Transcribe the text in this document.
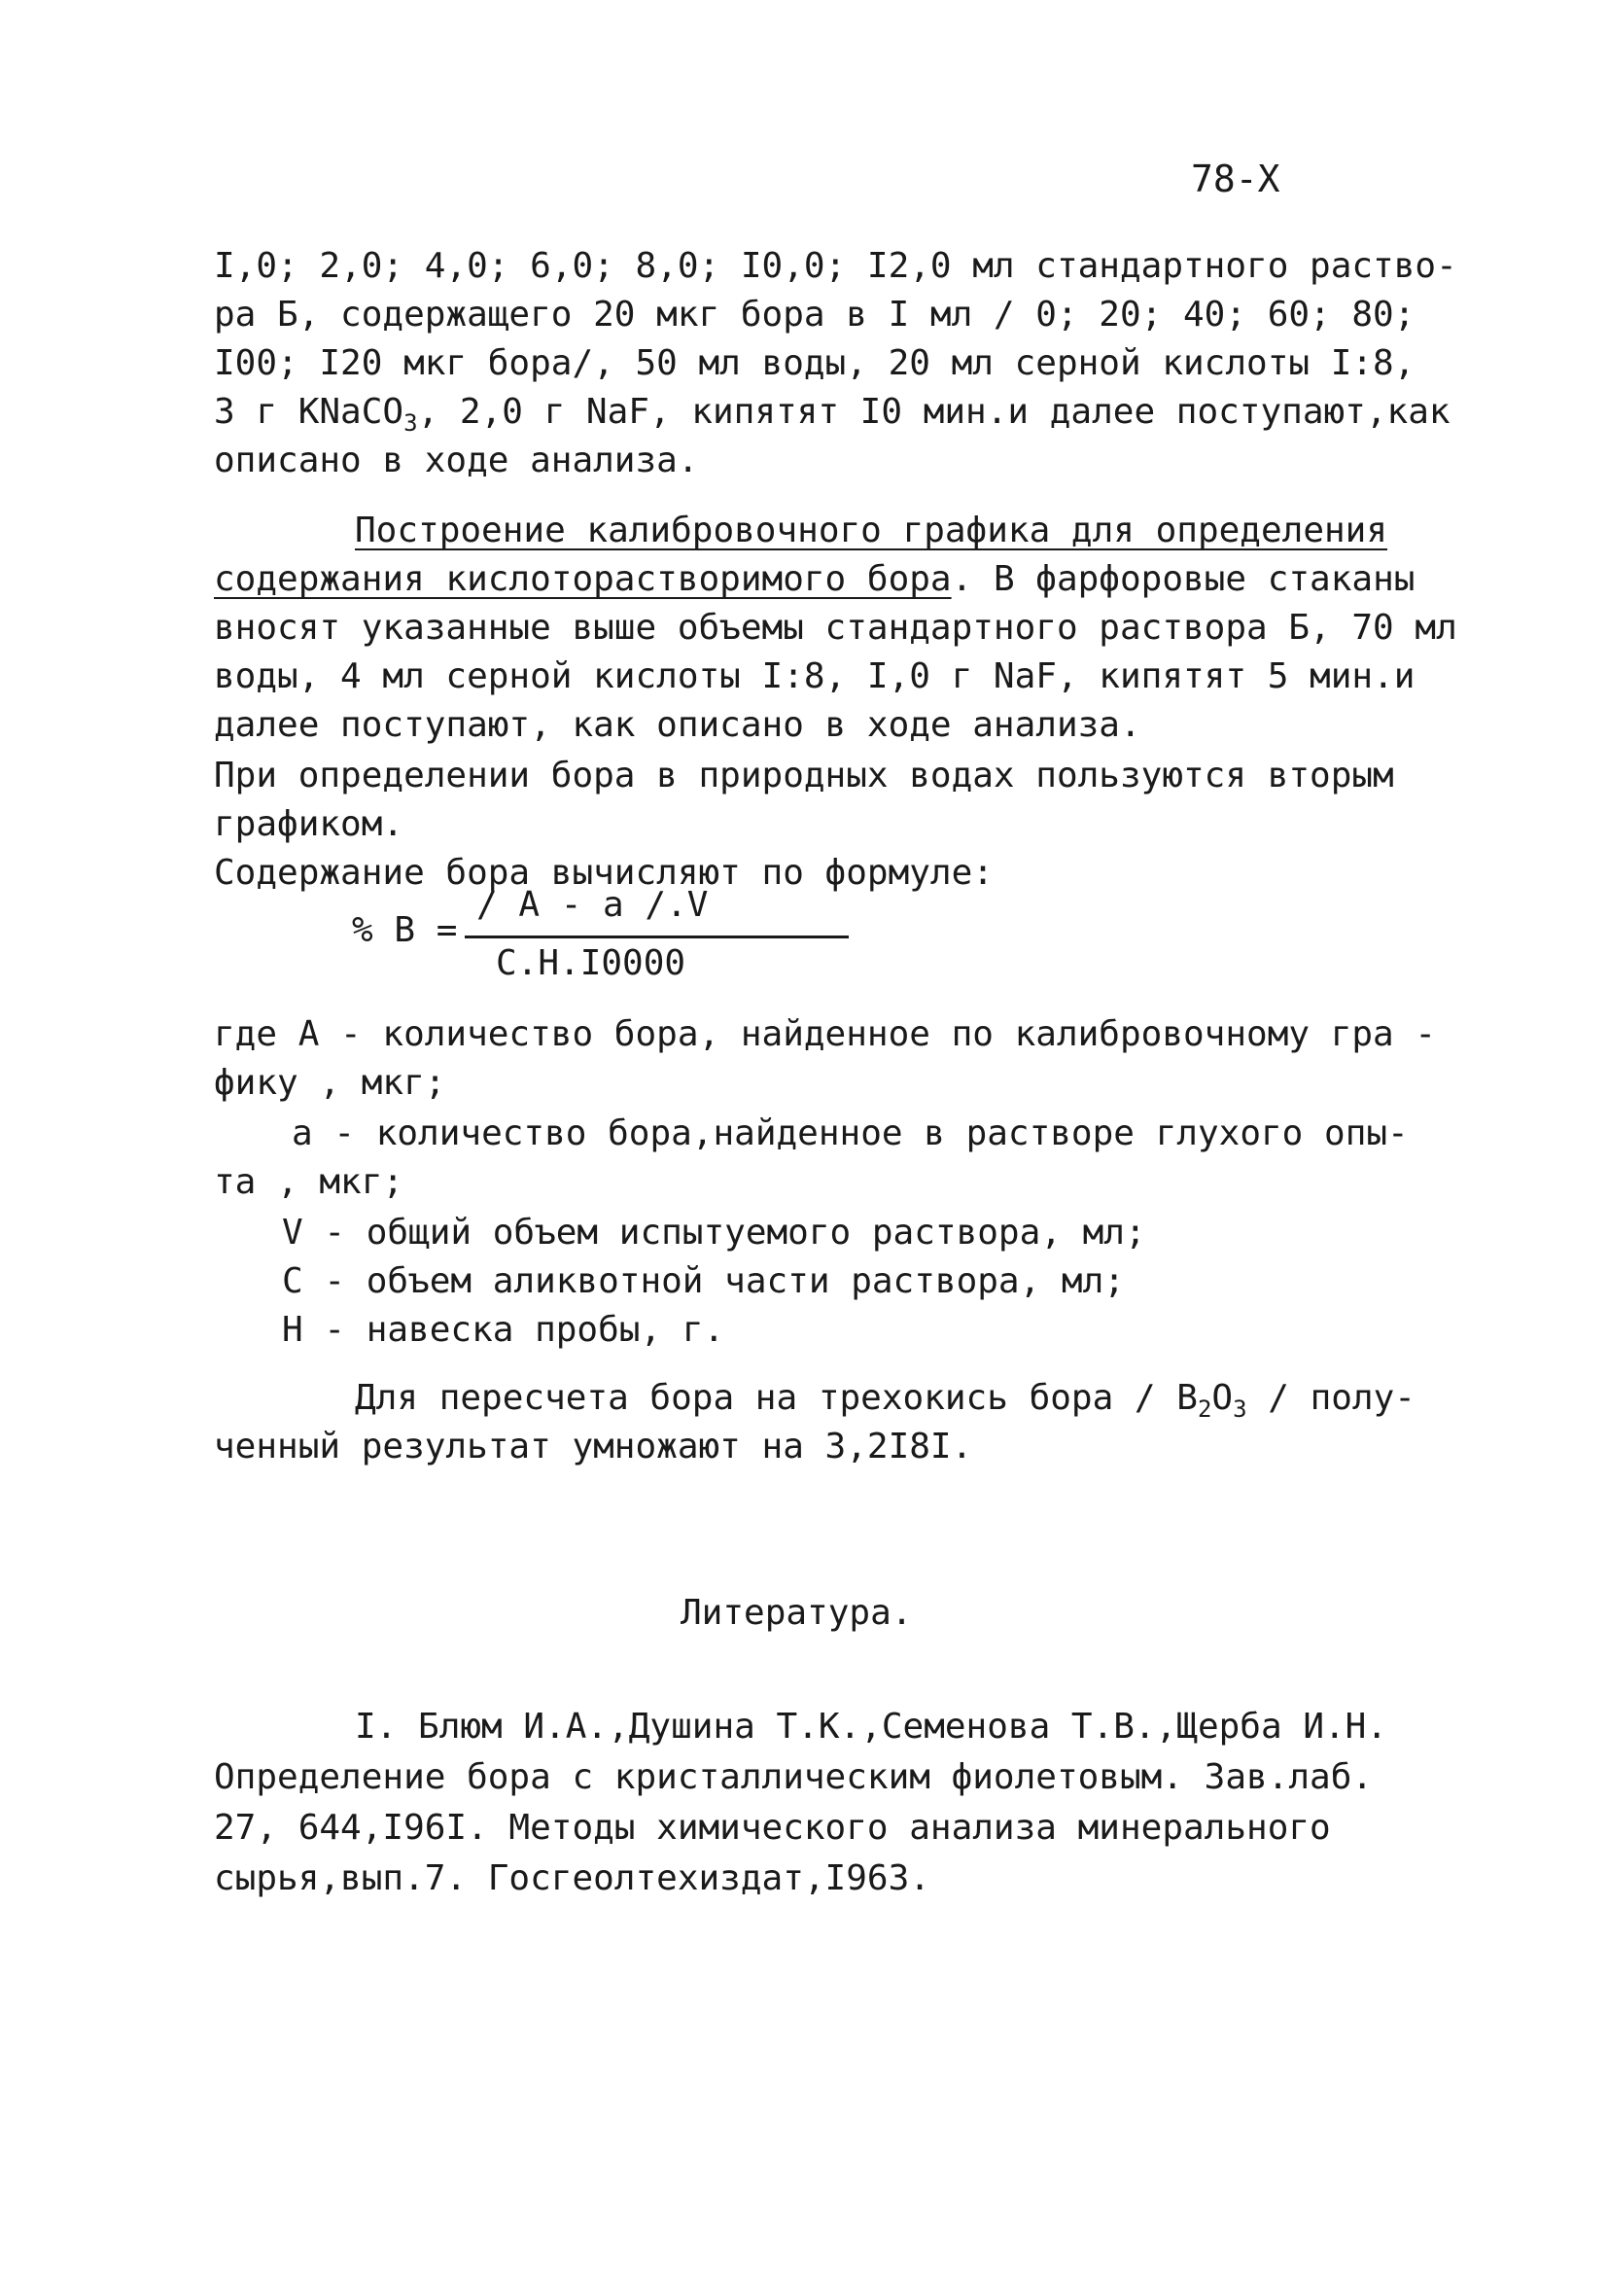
78-X
I,0; 2,0; 4,0; 6,0; 8,0; I0,0; I2,0 мл стандартного раство-
ра Б, содержащего 20 мкг бора в I мл / 0; 20; 40; 60; 80;
I00; I20 мкг бора/, 50 мл воды, 20 мл серной кислоты I:8,
3 г KNaCO$_3$, 2,0 г NaF, кипятят I0 мин.и далее поступают,как
описано в ходе анализа.
Построение калибровочного графика для определения
содержания кислоторастворимого бора. В фарфоровые стаканы
вносят указанные выше объемы стандартного раствора Б, 70 мл
воды, 4 мл серной кислоты I:8, I,0 г NaF, кипятят 5 мин.и
далее поступают, как описано в ходе анализа.
При определении бора в природных водах пользуются вторым
графиком.
Содержание бора вычисляют по формуле:
% B =
/ A - a /.V
C.H.I0000
где А - количество бора, найденное по калибровочному гра -
фику , мкг;
а - количество бора,найденное в растворе глухого опы-
та , мкг;
V - общий объем испытуемого раствора, мл;
C - объем аликвотной части раствора, мл;
H - навеска пробы, г.
Для пересчета бора на трехокись бора / $B_2O_3$ / полу-
ченный результат умножают на 3,2I8I.
Литература.
I. Блюм И.А.,Душина Т.К.,Семенова Т.В.,Щерба И.Н.
Определение бора с кристаллическим фиолетовым. Зав.лаб.
27, 644,I96I. Методы химического анализа минерального
сырья,вып.7. Госгеолтехиздат,I963.
